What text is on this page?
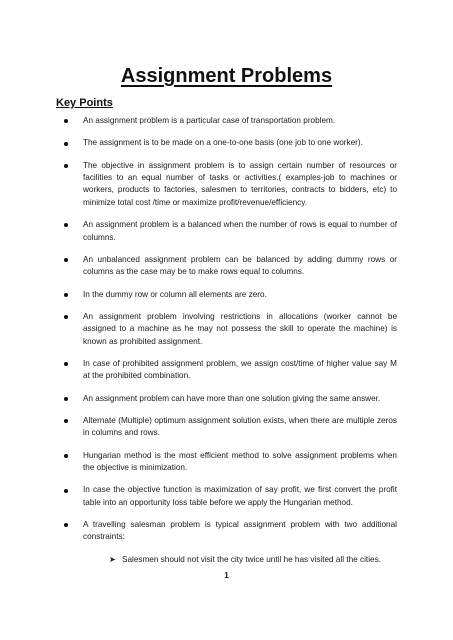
Assignment Problems
Key Points
An assignment problem is a particular case of transportation problem.
The assignment is to be made on a one-to-one basis (one job to one worker).
The objective in assignment problem is to assign certain number of resources or facilities to an equal number of tasks or activities.( examples-job to machines or workers, products to factories, salesmen to territories, contracts to bidders, etc) to minimize total cost /time or maximize profit/revenue/efficiency.
An assignment problem is a balanced when the number of rows is equal to number of columns.
An unbalanced assignment problem can be balanced by adding dummy rows or columns as the case may be to make rows equal to columns.
In the dummy row or column all elements are zero.
An assignment problem involving restrictions in allocations (worker cannot be assigned to a machine as he may not possess the skill to operate the machine) is known as prohibited assignment.
In case of prohibited assignment problem, we assign cost/time of higher value say M at the prohibited combination.
An assignment problem can have more than one solution giving the same answer.
Alternate (Multiple) optimum assignment solution exists, when there are multiple zeros in columns and rows.
Hungarian method is the most efficient method to solve assignment problems when the objective is minimization.
In case the objective function is maximization of say profit, we first convert the profit table into an opportunity loss table before we apply the Hungarian method.
A travelling salesman problem is typical assignment problem with two additional constraints:
➤ Salesmen should not visit the city twice until he has visited all the cities.
1
